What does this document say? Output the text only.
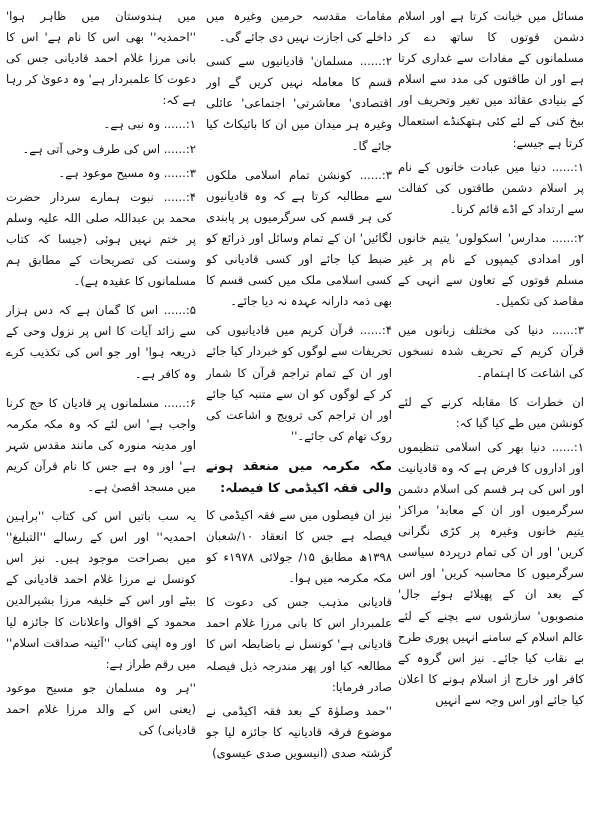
مسائل میں خیانت کرتا ہے اور اسلام دشمن قوتوں کا ساتھ دے کر مسلمانوں کے مفادات سے غداری کرتا ہے اور ان طاقتوں کی مدد سے اسلام کے بنیادی عقائد میں تغیر وتحریف اور بیخ کنی کے لئے کئی ہتھکنڈے استعمال کرتا ہے جیسے:

۱:...... دنیا میں عبادت خانوں کے نام پر اسلام دشمن طاقتوں کی کفالت سے ارتداد کے اڈے قائم کرنا۔

۲:...... مدارس' اسکولوں' یتیم خانوں اور امدادی کیمپوں کے نام پر غیر مسلم قوتوں کے تعاون سے انہی کے مقاصد کی تکمیل۔

۳:...... دنیا کی مختلف زبانوں میں قرآن کریم کے تحریف شدہ نسخوں کی اشاعت کا اہتمام۔

ان خطرات کا مقابلہ کرنے کے لئے کونشن میں طے کیا گیا کہ:

۱:...... دنیا بھر کی اسلامی تنظیموں اور اداروں کا فرض ہے کہ وہ قادیانیت اور اس کی ہر قسم کی اسلام دشمن سرگرمیوں اور ان کے معابد' مراکز' یتیم خانوں وغیرہ پر کڑی نگرانی کریں' اور ان کی تمام درپردہ سیاسی سرگرمیوں کا محاسبہ کریں' اور اس کے بعد ان کے پھیلائے ہوئے جال' منصوبوں' سازشوں سے بچنے کے لئے عالم اسلام کے سامنے انہیں پوری طرح بے نقاب کیا جائے۔ نیز اس گروہ کے کافر اور خارج از اسلام ہونے کا اعلان کیا جائے اور اس وجہ سے انہیں

مقامات مقدسہ حرمین وغیرہ میں داخلے کی اجازت نہیں دی جائے گی۔

۲:...... مسلمان' قادیانیوں سے کسی قسم کا معاملہ نہیں کریں گے اور اقتصادی' معاشرتی' اجتماعی' عائلی وغیرہ ہر میدان میں ان کا بائیکاٹ کیا جائے گا۔

۳:...... کونشن تمام اسلامی ملکوں سے مطالبہ کرتا ہے کہ وہ قادیانیوں کی ہر قسم کی سرگرمیوں پر پابندی لگائیں' ان کے تمام وسائل اور ذرائع کو ضبط کیا جائے اور کسی قادیانی کو کسی اسلامی ملک میں کسی قسم کا بھی ذمہ دارانہ عہدہ نہ دیا جائے۔

۴:...... قرآن کریم میں قادیانیوں کی تحریفات سے لوگوں کو خبردار کیا جائے اور ان کے تمام تراجم قرآن کا شمار کر کے لوگوں کو ان سے متنبہ کیا جائے اور ان تراجم کی ترویج و اشاعت کی روک تھام کی جائے۔''

مکہ مکرمہ میں منعقد ہونے والی فقہ اکیڈمی کا فیصلہ:

نیز ان فیصلوں میں سے فقہ اکیڈمی کا فیصلہ ہے جس کا انعقاد ۱۰/شعبان ۱۳۹۸ھ مطابق ۱۵/ جولائی ۱۹۷۸ء کو مکہ مکرمہ میں ہوا۔

قادیانی مذہب جس کی دعوت کا علمبردار اس کا بانی مرزا غلام احمد قادیانی ہے' کونسل نے باضابطہ اس کا مطالعہ کیا اور پھر مندرجہ ذیل فیصلہ صادر فرمایا:

''حمد وصلوٰۃ کے بعد فقہ اکیڈمی نے موضوع فرقہ قادیانیہ کا جائزہ لیا جو گزشتہ صدی (انیسویں صدی عیسوی)

میں ہندوستان میں ظاہر ہوا' ''احمدیہ'' بھی اس کا نام ہے' اس کا بانی مرزا غلام احمد قادیانی جس کی دعوت کا علمبردار ہے' وہ دعویٰ کر رہا ہے کہ:

۱:...... وہ نبی ہے۔

۲:...... اس کی طرف وحی آتی ہے۔

۳:...... وہ مسیح موعود ہے۔

۴:...... نبوت ہمارے سردار حضرت محمد بن عبداللہ صلی اللہ علیہ وسلم پر ختم نہیں ہوئی (جیسا کہ کتاب وسنت کی تصریحات کے مطابق ہم مسلمانوں کا عقیدہ ہے)۔

۵:...... اس کا گمان ہے کہ دس ہزار سے زائد آیات کا اس پر نزول وحی کے ذریعہ ہوا' اور جو اس کی تکذیب کرے وہ کافر ہے۔

۶:...... مسلمانوں پر قادیان کا حج کرنا واجب ہے' اس لئے کہ وہ مکہ مکرمہ اور مدینہ منورہ کی مانند مقدس شہر ہے' اور وہ ہے جس کا نام قرآن کریم میں مسجد اقصیٰ ہے۔

یہ سب باتیں اس کی کتاب ''براہین احمدیہ'' اور اس کے رسالے ''التبلیغ'' میں بصراحت موجود ہیں۔ نیز اس کونسل نے مرزا غلام احمد قادیانی کے بیٹے اور اس کے خلیفہ مرزا بشیرالدین محمود کے اقوال واعلانات کا جائزہ لیا اور وہ اپنی کتاب ''آئینہ صداقت اسلام'' میں رقم طراز ہے:

''ہر وہ مسلمان جو مسیح موعود (یعنی اس کے والد مرزا غلام احمد قادیانی) کی
